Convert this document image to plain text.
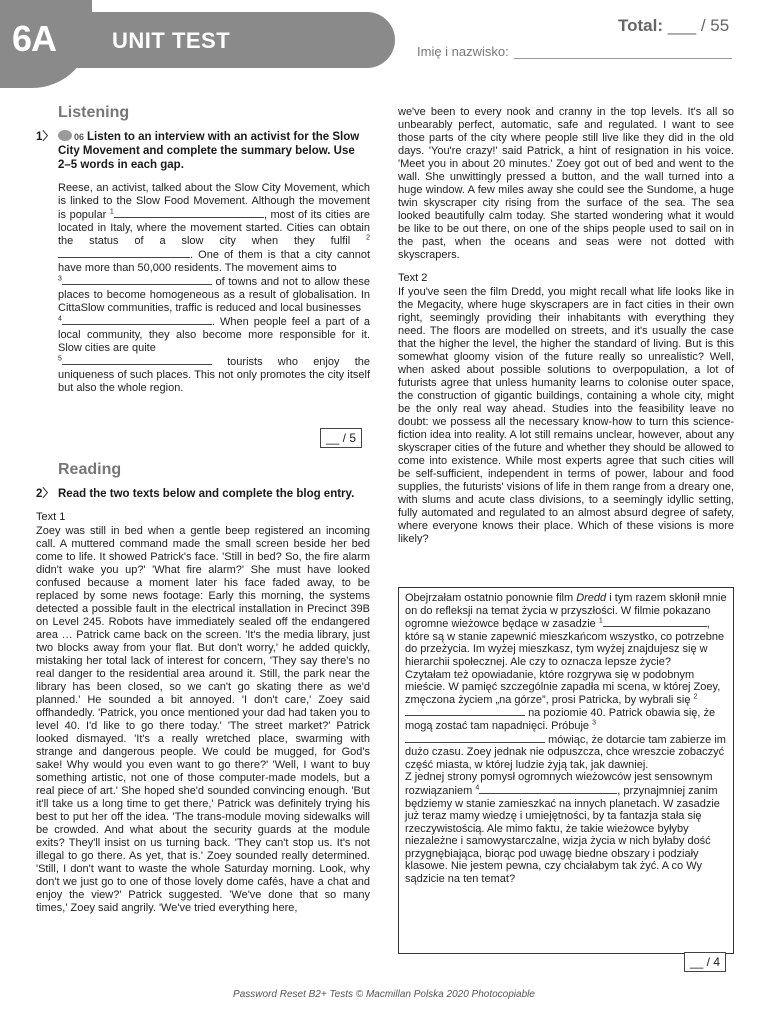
6A	UNIT TEST
Total: ___ / 55
Imię i nazwisko:
Listening
1〉 06 Listen to an interview with an activist for the Slow City Movement and complete the summary below. Use 2–5 words in each gap.
Reese, an activist, talked about the Slow City Movement, which is linked to the Slow Food Movement. Although the movement is popular $^1$	, most of its cities are located in Italy, where the movement started. Cities can obtain the status of a slow city when they fulfil $^2$. One of them is that a city cannot have more than 50,000 residents. The movement aims to
$^3$	of towns and not to allow these places to become homogeneous as a result of globalisation. In CittaSlow communities, traffic is reduced and local businesses
$^4$	. When people feel a part of a local community, they also become more responsible for it. Slow cities are quite
$^5$	tourists who enjoy the uniqueness of such places. This not only promotes the city itself but also the whole region.
__ / 5
Reading
2〉 Read the two texts below and complete the blog entry.
Text 1
Zoey was still in bed when a gentle beep registered an incoming call. A muttered command made the small screen beside her bed come to life. It showed Patrick's face. 'Still in bed? So, the fire alarm didn't wake you up?' 'What fire alarm?' She must have looked confused because a moment later his face faded away, to be replaced by some news footage: Early this morning, the systems detected a possible fault in the electrical installation in Precinct 39B on Level 245. Robots have immediately sealed off the endangered area … Patrick came back on the screen. 'It's the media library, just two blocks away from your flat. But don't worry,' he added quickly, mistaking her total lack of interest for concern, 'They say there's no real danger to the residential area around it. Still, the park near the library has been closed, so we can't go skating there as we'd planned.' He sounded a bit annoyed. 'I don't care,' Zoey said offhandedly. 'Patrick, you once mentioned your dad had taken you to level 40. I'd like to go there today.' 'The street market?' Patrick looked dismayed. 'It's a really wretched place, swarming with strange and dangerous people. We could be mugged, for God's sake! Why would you even want to go there?' 'Well, I want to buy something artistic, not one of those computer-made models, but a real piece of art.' She hoped she'd sounded convincing enough. 'But it'll take us a long time to get there,' Patrick was definitely trying his best to put her off the idea. 'The trans-module moving sidewalks will be crowded. And what about the security guards at the module exits? They'll insist on us turning back. 'They can't stop us. It's not illegal to go there. As yet, that is.' Zoey sounded really determined. 'Still, I don't want to waste the whole Saturday morning. Look, why don't we just go to one of those lovely dome cafés, have a chat and enjoy the view?' Patrick suggested. 'We've done that so many times,' Zoey said angrily. 'We've tried everything here,
we've been to every nook and cranny in the top levels. It's all so unbearably perfect, automatic, safe and regulated. I want to see those parts of the city where people still live like they did in the old days. 'You're crazy!' said Patrick, a hint of resignation in his voice. 'Meet you in about 20 minutes.' Zoey got out of bed and went to the wall. She unwittingly pressed a button, and the wall turned into a huge window. A few miles away she could see the Sundome, a huge twin skyscraper city rising from the surface of the sea. The sea looked beautifully calm today. She started wondering what it would be like to be out there, on one of the ships people used to sail on in the past, when the oceans and seas were not dotted with skyscrapers.
Text 2
If you've seen the film Dredd, you might recall what life looks like in the Megacity, where huge skyscrapers are in fact cities in their own right, seemingly providing their inhabitants with everything they need. The floors are modelled on streets, and it's usually the case that the higher the level, the higher the standard of living. But is this somewhat gloomy vision of the future really so unrealistic? Well, when asked about possible solutions to overpopulation, a lot of futurists agree that unless humanity learns to colonise outer space, the construction of gigantic buildings, containing a whole city, might be the only real way ahead. Studies into the feasibility leave no doubt: we possess all the necessary know-how to turn this science-fiction idea into reality. A lot still remains unclear, however, about any skyscraper cities of the future and whether they should be allowed to come into existence. While most experts agree that such cities will be self-sufficient, independent in terms of power, labour and food supplies, the futurists' visions of life in them range from a dreary one, with slums and acute class divisions, to a seemingly idyllic setting, fully automated and regulated to an almost absurd degree of safety, where everyone knows their place. Which of these visions is more likely?
Obejrzałam ostatnio ponownie film Dredd i tym razem skłonił mnie on do refleksji na temat życia w przyszłości. W filmie pokazano ogromne wieżowce będące w zasadzie $^1$	, które są w stanie zapewnić mieszkańcom wszystko, co potrzebne do przeżycia. Im wyżej mieszkasz, tym wyżej znajdujesz się w hierarchii społecznej. Ale czy to oznacza lepsze życie?
Czytałam też opowiadanie, które rozgrywa się w podobnym mieście. W pamięć szczególnie zapadła mi scena, w której Zoey, zmęczona życiem „na górze”, prosi Patricka, by wybrali się $^2$ na poziomie 40. Patrick obawia się, że mogą zostać tam napadnięci. Próbuje $^3$ mówiąc, że dotarcie tam zabierze im dużo czasu. Zoey jednak nie odpuszcza, chce wreszcie zobaczyć część miasta, w której ludzie żyją tak, jak dawniej.
Z jednej strony pomysł ogromnych wieżowców jest sensownym rozwiązaniem $^4$	, przynajmniej zanim będziemy w stanie zamieszkać na innych planetach. W zasadzie już teraz mamy wiedzę i umiejętności, by ta fantazja stała się rzeczywistością. Ale mimo faktu, że takie wieżowce byłyby niezależne i samowystarczalne, wizja życia w nich byłaby dość przygnębiająca, biorąc pod uwagę biedne obszary i podziały klasowe. Nie jestem pewna, czy chciałabym tak żyć. A co Wy sądzicie na ten temat?
__ / 4
Password Reset B2+ Tests © Macmillan Polska 2020 Photocopiable
